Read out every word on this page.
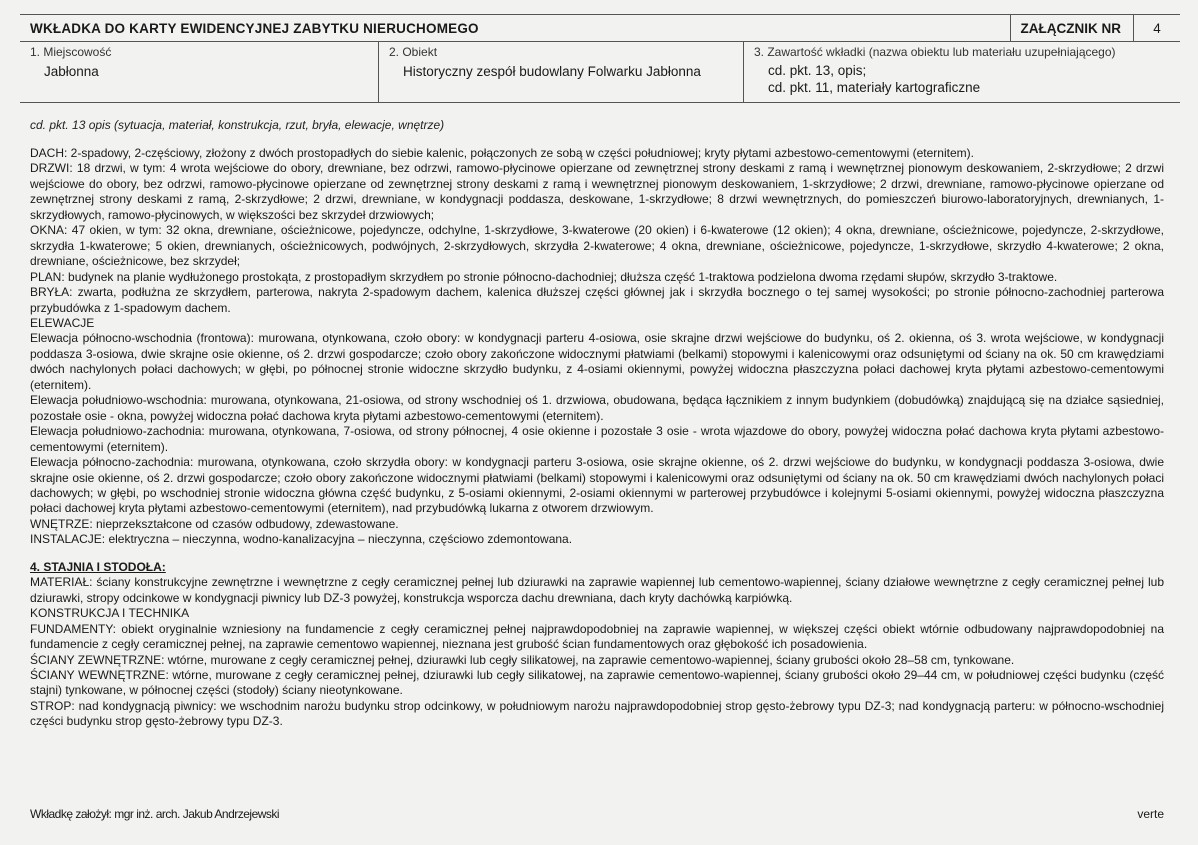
WKŁADKA DO KARTY EWIDENCYJNEJ ZABYTKU NIERUCHOMEGO	ZAŁĄCZNIK NR	4
1. Miejscowość
Jabłonna
2. Obiekt
Historyczny zespół budowlany Folwarku Jabłonna
3. Zawartość wkładki (nazwa obiektu lub materiału uzupełniającego)
cd. pkt. 13, opis;
cd. pkt. 11, materiały kartograficzne
cd. pkt. 13 opis (sytuacja, materiał, konstrukcja, rzut, bryła, elewacje, wnętrze)

DACH: 2-spadowy, 2-częściowy, złożony z dwóch prostopadłych do siebie kalenic, połączonych ze sobą w części południowej; kryty płytami azbestowo-cementowymi (eternitem).

DRZWI: 18 drzwi, w tym: 4 wrota wejściowe do obory, drewniane, bez odrzwi, ramowo-płycinowe opierzane od zewnętrznej strony deskami z ramą i wewnętrznej pionowym deskowaniem, 2-skrzydłowe; 2 drzwi wejściowe do obory, bez odrzwi, ramowo-płycinowe opierzane od zewnętrznej strony deskami z ramą i wewnętrznej pionowym deskowaniem, 1-skrzydłowe; 2 drzwi, drewniane, ramowo-płycinowe opierzane od zewnętrznej strony deskami z ramą, 2-skrzydłowe; 2 drzwi, drewniane, w kondygnacji poddasza, deskowane, 1-skrzydłowe; 8 drzwi wewnętrznych, do pomieszczeń biurowo-laboratoryjnych, drewnianych, 1-skrzydłowych, ramowo-płycinowych, w większości bez skrzydeł drzwiowych;

OKNA: 47 okien, w tym: 32 okna, drewniane, ościeżnicowe, pojedyncze, odchylne, 1-skrzydłowe, 3-kwaterowe (20 okien) i 6-kwaterowe (12 okien); 4 okna, drewniane, ościeżnicowe, pojedyncze, 2-skrzydłowe, skrzydła 1-kwaterowe; 5 okien, drewnianych, ościeżnicowych, podwójnych, 2-skrzydłowych, skrzydła 2-kwaterowe; 4 okna, drewniane, ościeżnicowe, pojedyncze, 1-skrzydłowe, skrzydło 4-kwaterowe; 2 okna, drewniane, ościeżnicowe, bez skrzydeł;

PLAN: budynek na planie wydłużonego prostokąta, z prostopadłym skrzydłem po stronie północno-dachodniej; dłuższa część 1-traktowa podzielona dwoma rzędami słupów, skrzydło 3-traktowe.

BRYŁA: zwarta, podłużna ze skrzydłem, parterowa, nakryta 2-spadowym dachem, kalenica dłuższej części głównej jak i skrzydła bocznego o tej samej wysokości; po stronie północno-zachodniej parterowa przybudówka z 1-spadowym dachem.

ELEWACJE

Elewacja północno-wschodnia (frontowa): murowana, otynkowana, czoło obory: w kondygnacji parteru 4-osiowa, osie skrajne drzwi wejściowe do budynku, oś 2. okienna, oś 3. wrota wejściowe, w kondygnacji poddasza 3-osiowa, dwie skrajne osie okienne, oś 2. drzwi gospodarcze; czoło obory zakończone widocznymi płatwiami (belkami) stopowymi i kalenicowymi oraz odsuniętymi od ściany na ok. 50 cm krawędziami dwóch nachylonych połaci dachowych; w głębi, po północnej stronie widoczne skrzydło budynku, z 4-osiami okiennymi, powyżej widoczna płaszczyzna połaci dachowej kryta płytami azbestowo-cementowymi (eternitem).

Elewacja południowo-wschodnia: murowana, otynkowana, 21-osiowa, od strony wschodniej oś 1. drzwiowa, obudowana, będąca łącznikiem z innym budynkiem (dobudówką) znajdującą się na działce sąsiedniej, pozostałe osie - okna, powyżej widoczna połać dachowa kryta płytami azbestowo-cementowymi (eternitem).

Elewacja południowo-zachodnia: murowana, otynkowana, 7-osiowa, od strony północnej, 4 osie okienne i pozostałe 3 osie - wrota wjazdowe do obory, powyżej widoczna połać dachowa kryta płytami azbestowo-cementowymi (eternitem).

Elewacja północno-zachodnia: murowana, otynkowana, czoło skrzydła obory: w kondygnacji parteru 3-osiowa, osie skrajne okienne, oś 2. drzwi wejściowe do budynku, w kondygnacji poddasza 3-osiowa, dwie skrajne osie okienne, oś 2. drzwi gospodarcze; czoło obory zakończone widocznymi płatwiami (belkami) stopowymi i kalenicowymi oraz odsuniętymi od ściany na ok. 50 cm krawędziami dwóch nachylonych połaci dachowych; w głębi, po wschodniej stronie widoczna główna część budynku, z 5-osiami okiennymi, 2-osiami okiennymi w parterowej przybudówce i kolejnymi 5-osiami okiennymi, powyżej widoczna płaszczyzna połaci dachowej kryta płytami azbestowo-cementowymi (eternitem), nad przybudówką lukarna z otworem drzwiowym.

WNĘTRZE: nieprzekształcone od czasów odbudowy, zdewastowane.

INSTALACJE: elektryczna – nieczynna, wodno-kanalizacyjna – nieczynna, częściowo zdemontowana.

4. STAJNIA I STODOŁA:

MATERIAŁ: ściany konstrukcyjne zewnętrzne i wewnętrzne z cegły ceramicznej pełnej lub dziurawki na zaprawie wapiennej lub cementowo-wapiennej, ściany działowe wewnętrzne z cegły ceramicznej pełnej lub dziurawki, stropy odcinkowe w kondygnacji piwnicy lub DZ-3 powyżej, konstrukcja wsporcza dachu drewniana, dach kryty dachówką karpiówką.

KONSTRUKCJA I TECHNIKA

FUNDAMENTY: obiekt oryginalnie wzniesiony na fundamencie z cegły ceramicznej pełnej najprawdopodobniej na zaprawie wapiennej, w większej części obiekt wtórnie odbudowany najprawdopodobniej na fundamencie z cegły ceramicznej pełnej, na zaprawie cementowo wapiennej, nieznana jest grubość ścian fundamentowych oraz głębokość ich posadowienia.

ŚCIANY ZEWNĘTRZNE: wtórne, murowane z cegły ceramicznej pełnej, dziurawki lub cegły silikatowej, na zaprawie cementowo-wapiennej, ściany grubości około 28–58 cm, tynkowane.

ŚCIANY WEWNĘTRZNE: wtórne, murowane z cegły ceramicznej pełnej, dziurawki lub cegły silikatowej, na zaprawie cementowo-wapiennej, ściany grubości około 29–44 cm, w południowej części budynku (część stajni) tynkowane, w północnej części (stodoły) ściany nieotynkowane.

STROP: nad kondygnacją piwnicy: we wschodnim narożu budynku strop odcinkowy, w południowym narożu najprawdopodobniej strop gęsto-żebrowy typu DZ-3; nad kondygnacją parteru: w północno-wschodniej części budynku strop gęsto-żebrowy typu DZ-3.

Wkładkę założył: mgr inż. arch. Jakub Andrzejewski	verte
